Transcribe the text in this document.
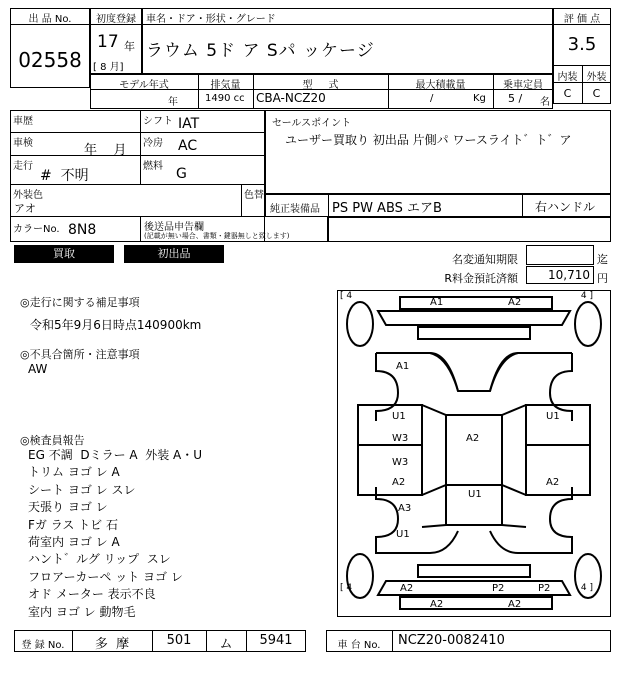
出 品 No.
02558
初度登録
17 年
[ 8 月]
車名・ドア・形状・グレード
ラウム 5ド ア Sパ ッケージ
評 価 点
3.5
内装 外装
C	C
モデル年式	排気量	型     式	最大積載量	乗車定員
年	1490 cc CBA-NCZ20	/	Kg 5 / 名
車歴	シフト IAT
車検	年    月 冷房 AC
走行
#  不明
燃料 G
外装色	色替
アオ
カラーNo. 8N8	後送品申告欄
(記載が無い場合、書類・鍵器無しと致します)
セールスポイント
ユーザー買取り 初出品 片側パ ワースライト゛ト゛ア
純正装備品 PS PW ABS エアB	右ハンドル
買取	初出品	名変通知期限	迄
R料金預託済額	10,710 円
◎走行に関する補足事項
令和5年9月6日時点140900km
◎不具合箇所・注意事項
AW
◎検査員報告
EG 不調  Dミラー A  外装 A・U
トリム ヨゴ レ A
シート ヨゴ レ スレ
天張り ヨゴ レ
Fガ ラス トビ 石
荷室内 ヨゴ レ A
ハント゛ルグ リップ  スレ
フロアーカーペ ット ヨゴ レ
オド メーター 表示不良
室内 ヨゴ レ 動物毛
[ 4	4 ]
[ 4	4 ]
A1	A2
A1
U1
W3
W3
A2
A3
U1
A2
U1
U1
A2
A2	P2	P2
A2	A2
登 録 No.	多  摩	501	ム	5941	車 台 No.	NCZ20-0082410
